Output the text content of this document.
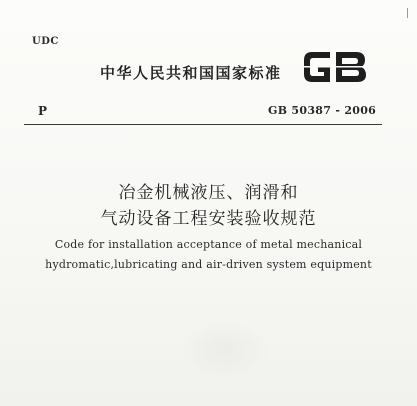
UDC
中华人民共和国国家标准
P	GB 50387 - 2006
冶金机械液压、润滑和
气动设备工程安装验收规范
Code for installation acceptance of metal mechanical
hydromatic,lubricating and air-driven system equipment
